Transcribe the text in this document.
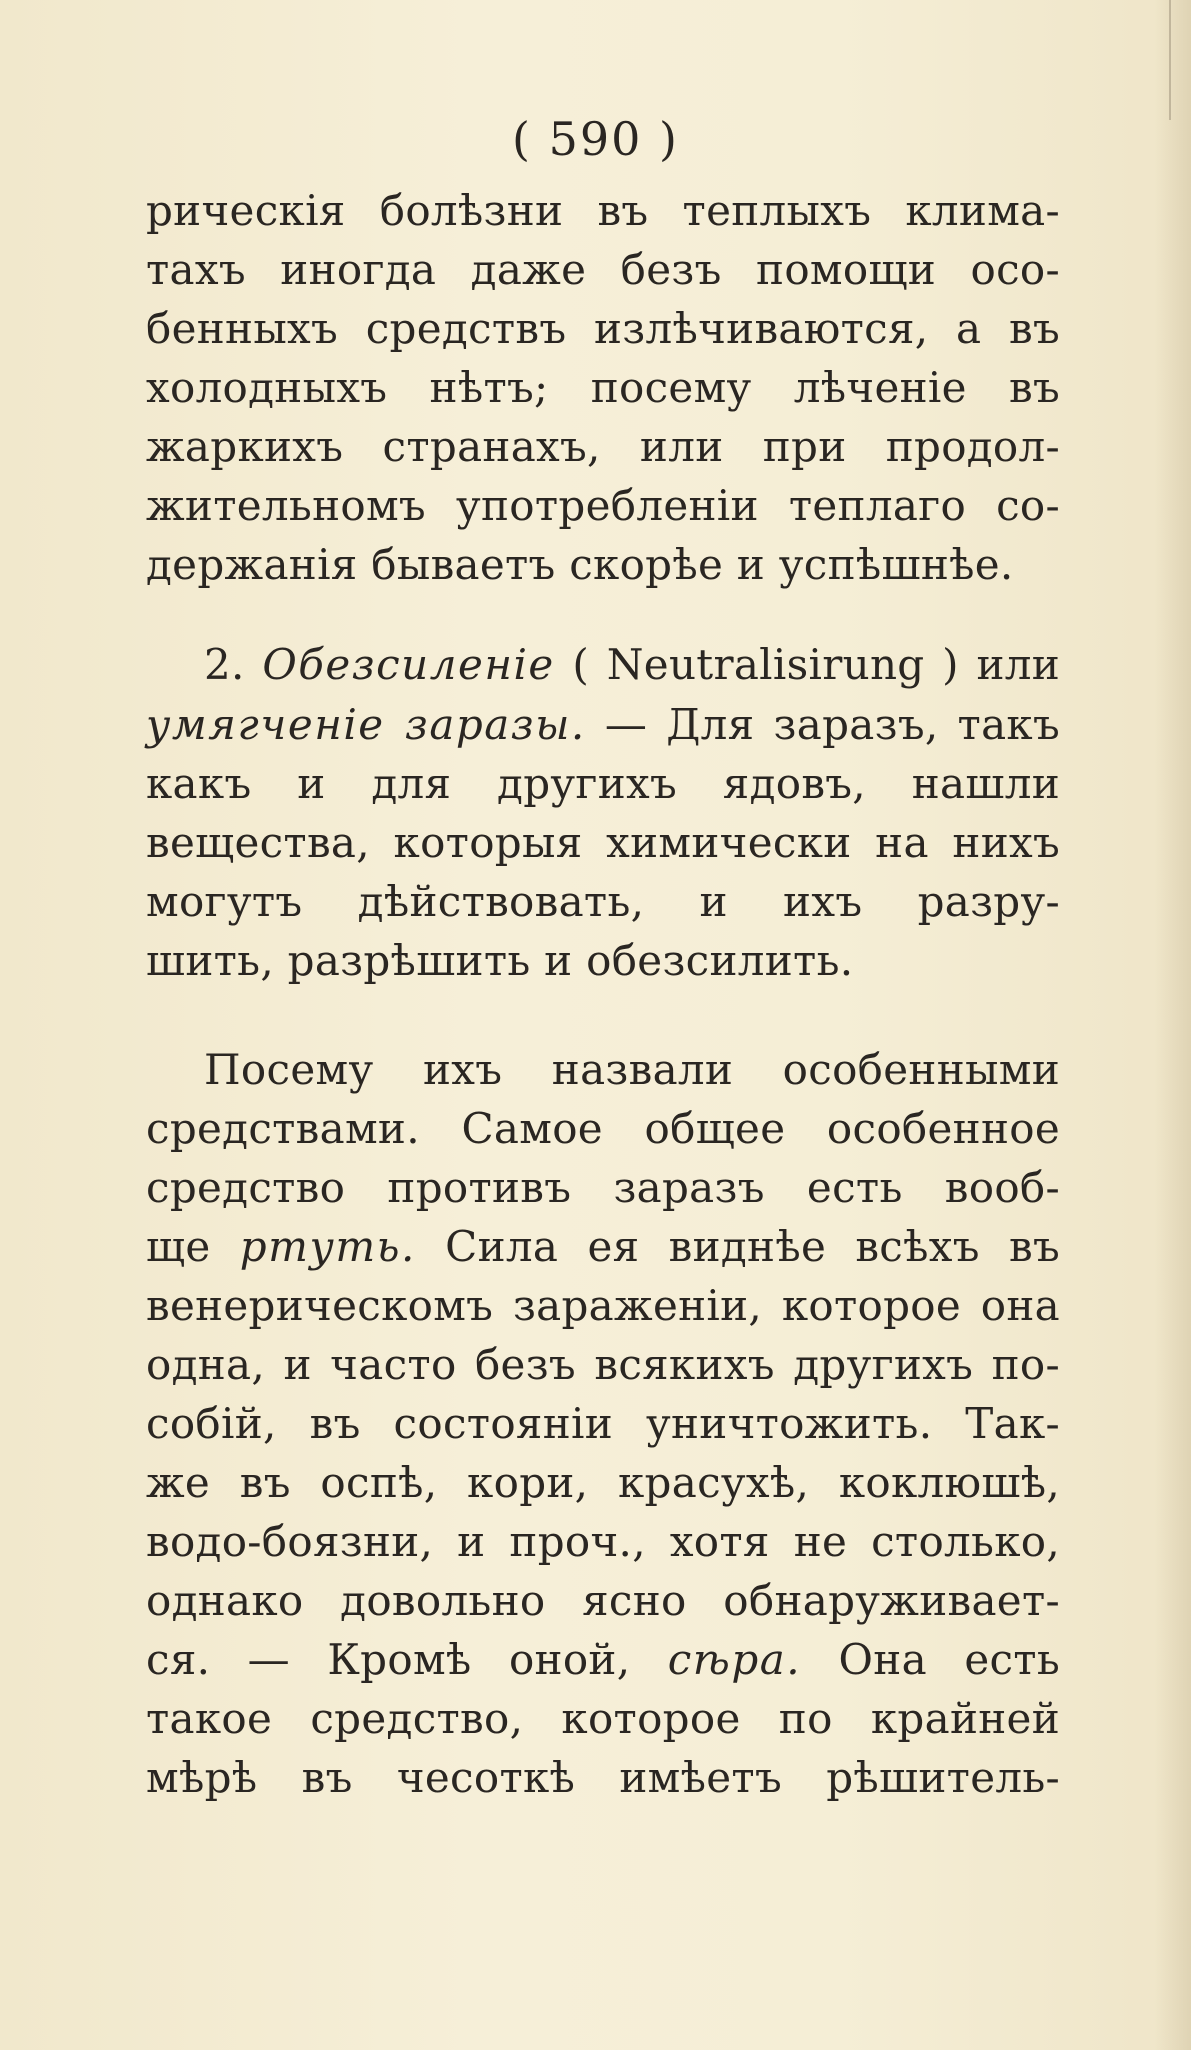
( 590 )
рическія болѣзни въ теплыхъ клима-
тахъ иногда даже безъ помощи осо-
бенныхъ средствъ излѣчиваются, а въ
холодныхъ нѣтъ; посему лѣченіе въ
жаркихъ странахъ, или при продол-
жительномъ употребленіи теплаго со-
держанія бываетъ скорѣе и успѣшнѣе.
2. Обезсиленіе ( Neutralisirung ) или
умягченіе заразы. — Для заразъ, такъ
какъ и для другихъ ядовъ, нашли
вещества, которыя химически на нихъ
могутъ дѣйствовать, и ихъ разру-
шить, разрѣшить и обезсилить.
Посему ихъ назвали особенными
средствами. Самое общее особенное
средство противъ заразъ есть вооб-
ще ртуть. Сила ея виднѣе всѣхъ въ
венерическомъ зараженіи, которое она
одна, и часто безъ всякихъ другихъ по-
собій, въ состояніи уничтожить. Так-
же въ оспѣ, кори, красухѣ, коклюшѣ,
водо-боязни, и проч., хотя не столько,
однако довольно ясно обнаруживает-
ся. — Кромѣ оной, сѣра. Она есть
такое средство, которое по крайней
мѣрѣ въ чесоткѣ имѣетъ рѣшитель-
